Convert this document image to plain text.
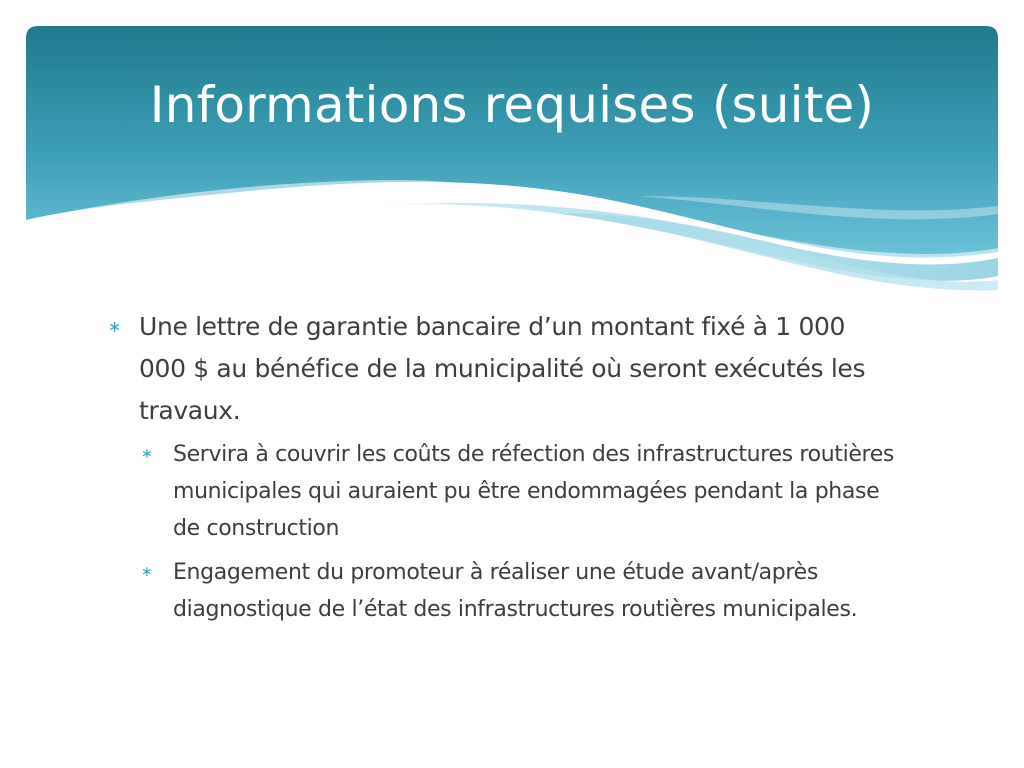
Informations requises (suite)
∗ Une lettre de garantie bancaire d’un montant fixé à 1 000 000 $ au bénéfice de la municipalité où seront exécutés les travaux.
∗ Servira à couvrir les coûts de réfection des infrastructures routières municipales qui auraient pu être endommagées pendant la phase de construction
∗ Engagement du promoteur à réaliser une étude avant/après diagnostique de l’état des infrastructures routières municipales.
